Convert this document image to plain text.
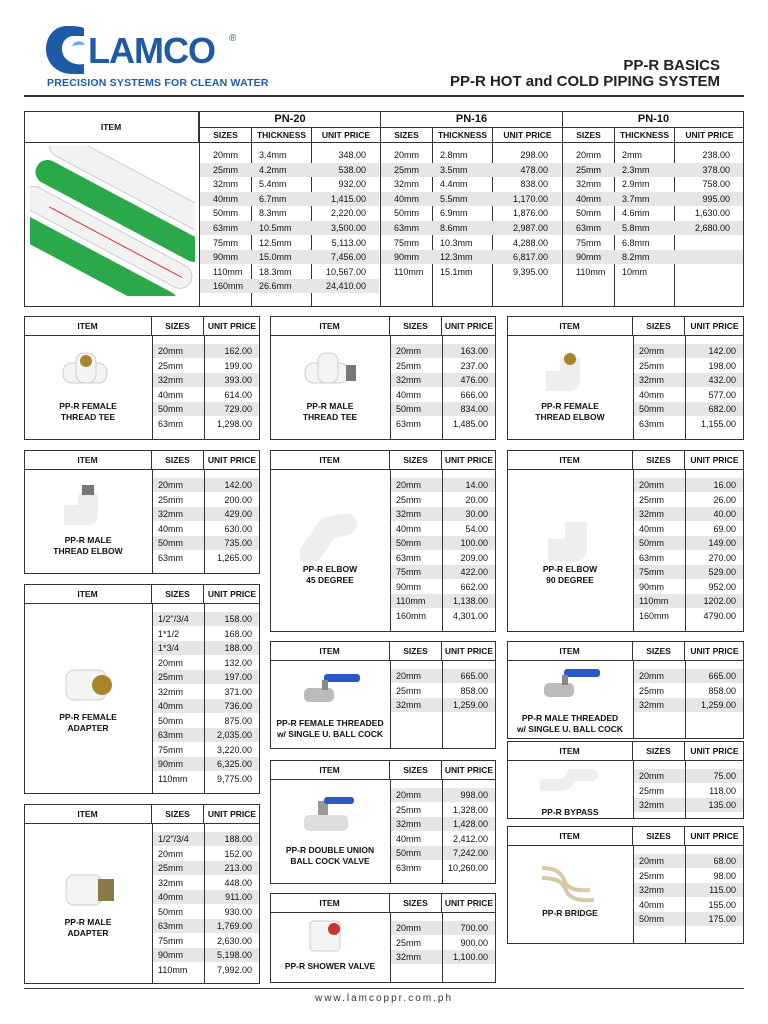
LAMCO ®
PRECISION SYSTEMS FOR CLEAN WATER
PP-R BASICS
PP-R HOT and COLD PIPING SYSTEM
ITEM
PN-20
SIZES	THICKNESS	UNIT PRICE
20mm	3.4mm	348.00
25mm	4.2mm	538.00
32mm	5.4mm	932.00
40mm	6.7mm	1,415.00
50mm	8.3mm	2,220.00
63mm	10.5mm	3,500.00
75mm	12.5mm	5,113.00
90mm	15.0mm	7,456.00
110mm	18.3mm	10,567.00
160mm	26.6mm	24,410.00
PN-16
SIZES	THICKNESS	UNIT PRICE
20mm	2.8mm	298.00
25mm	3.5mm	478.00
32mm	4.4mm	838.00
40mm	5.5mm	1,170.00
50mm	6.9mm	1,876.00
63mm	8.6mm	2,987.00
75mm	10.3mm	4,288.00
90mm	12.3mm	6,817.00
110mm	15.1mm	9,395.00
PN-10
SIZES	THICKNESS	UNIT PRICE
20mm	2mm	238.00
25mm	2.3mm	378.00
32mm	2.9mm	758.00
40mm	3.7mm	995.00
50mm	4.6mm	1,630.00
63mm	5.8mm	2,680.00
75mm	6.8mm
90mm	8.2mm
110mm	10mm
ITEM	SIZES	UNIT PRICE
PP-R FEMALE
THREAD TEE
20mm	162.00
25mm	199.00
32mm	393.00
40mm	614.00
50mm	729.00
63mm	1,298.00
ITEM	SIZES	UNIT PRICE
PP-R MALE
THREAD TEE
20mm	163.00
25mm	237.00
32mm	476.00
40mm	666.00
50mm	834.00
63mm	1,485.00
ITEM	SIZES	UNIT PRICE
PP-R FEMALE
THREAD ELBOW
20mm	142.00
25mm	198.00
32mm	432.00
40mm	577.00
50mm	682.00
63mm	1,155.00
ITEM	SIZES	UNIT PRICE
PP-R MALE
THREAD ELBOW
20mm	142.00
25mm	200.00
32mm	429.00
40mm	630.00
50mm	735.00
63mm	1,265.00
ITEM	SIZES	UNIT PRICE
PP-R ELBOW
45 DEGREE
20mm	14.00
25mm	20.00
32mm	30.00
40mm	54.00
50mm	100.00
63mm	209.00
75mm	422.00
90mm	662.00
110mm	1,138.00
160mm	4,301.00
ITEM	SIZES	UNIT PRICE
PP-R ELBOW
90 DEGREE
20mm	16.00
25mm	26.00
32mm	40.00
40mm	69.00
50mm	149.00
63mm	270.00
75mm	529.00
90mm	952.00
110mm	1202.00
160mm	4790.00
ITEM	SIZES	UNIT PRICE
PP-R FEMALE
ADAPTER
1/2"/3/4	158.00
1*1/2	168.00
1*3/4	188.00
20mm	132.00
25mm	197.00
32mm	371.00
40mm	736.00
50mm	875.00
63mm	2,035.00
75mm	3,220.00
90mm	6,325.00
110mm	9,775.00
ITEM	SIZES	UNIT PRICE
PP-R FEMALE THREADED
w/ SINGLE U. BALL COCK
20mm	665.00
25mm	858.00
32mm	1,259.00
ITEM	SIZES	UNIT PRICE
PP-R MALE THREADED
w/ SINGLE U. BALL COCK
20mm	665.00
25mm	858.00
32mm	1,259.00
ITEM	SIZES	UNIT PRICE
PP-R DOUBLE UNION
BALL COCK VALVE
20mm	998.00
25mm	1,328.00
32mm	1,428.00
40mm	2,412.00
50mm	7,242.00
63mm	10,260.00
ITEM	SIZES	UNIT PRICE
PP-R BYPASS
20mm	75.00
25mm	118.00
32mm	135.00
ITEM	SIZES	UNIT PRICE
PP-R MALE
ADAPTER
1/2"/3/4	188.00
20mm	152.00
25mm	213.00
32mm	448.00
40mm	911.00
50mm	930.00
63mm	1,769.00
75mm	2,630.00
90mm	5,198.00
110mm	7,992.00
ITEM	SIZES	UNIT PRICE
PP-R SHOWER VALVE
20mm	700.00
25mm	900.00
32mm	1,100.00
ITEM	SIZES	UNIT PRICE
PP-R BRIDGE
20mm	68.00
25mm	98.00
32mm	115.00
40mm	155.00
50mm	175.00
www.lamcoppr.com.ph
